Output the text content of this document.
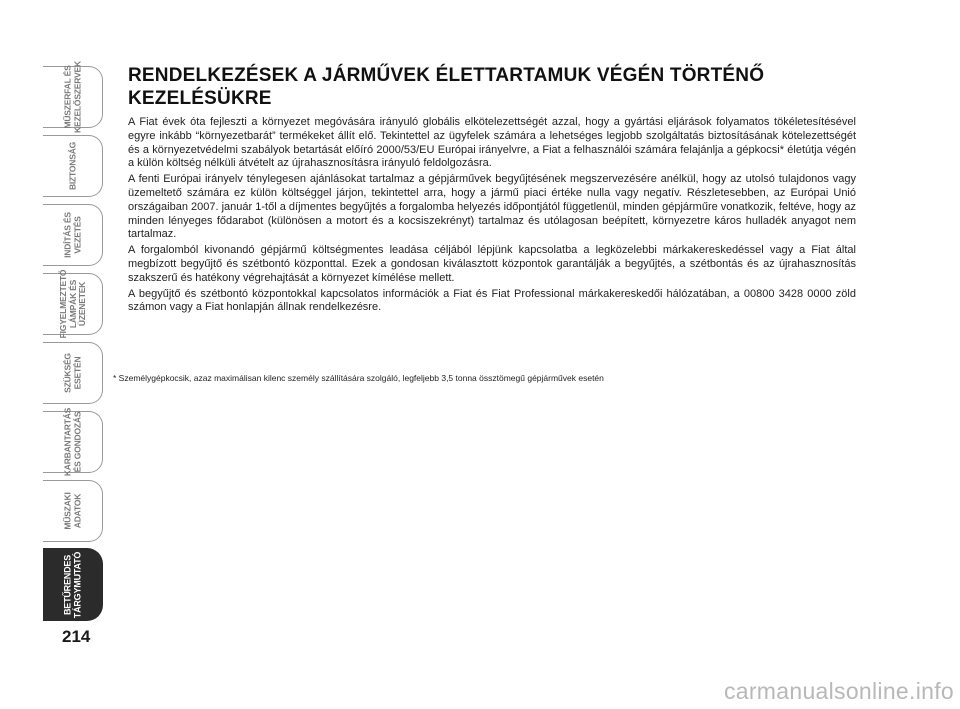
MŰSZERFAL ÉS
KEZELŐSZERVEK
BIZTONSÁG
INDÍTÁS ÉS
VEZETÉS
FIGYELMEZTETŐ
LÁMPÁK ÉS
ÜZENETEK
SZÜKSÉG
ESETÉN
KARBANTARTÁS
ÉS GONDOZÁS
MŰSZAKI
ADATOK
BETŰRENDES
TÁRGYMUTATÓ
214
RENDELKEZÉSEK A JÁRMŰVEK ÉLETTARTAMUK VÉGÉN TÖRTÉNŐ KEZELÉSÜKRE

A Fiat évek óta fejleszti a környezet megóvására irányuló globális elkötelezettségét azzal, hogy a gyártási eljárások folyamatos tökéletesítésével egyre inkább “környezetbarát” termékeket állít elő. Tekintettel az ügyfelek számára a lehetséges legjobb szolgáltatás biztosításának kötelezettségét és a környezetvédelmi szabályok betartását előíró 2000/53/EU Európai irányelvre, a Fiat a felhasználói számára felajánlja a gépkocsi* életútja végén a külön költség nélküli átvételt az újrahasznosításra irányuló feldolgozásra.

A fenti Európai irányelv ténylegesen ajánlásokat tartalmaz a gépjárművek begyűjtésének megszervezésére anélkül, hogy az utolsó tulajdonos vagy üzemeltető számára ez külön költséggel járjon, tekintettel arra, hogy a jármű piaci értéke nulla vagy negatív. Részletesebben, az Európai Unió országaiban 2007. január 1-től a díjmentes begyűjtés a forgalomba helyezés időpontjától függetlenül, minden gépjárműre vonatkozik, feltéve, hogy az minden lényeges fődarabot (különösen a motort és a kocsiszekrényt) tartalmaz és utólagosan beépített, környezetre káros hulladék anyagot nem tartalmaz.

A forgalomból kivonandó gépjármű költségmentes leadása céljából lépjünk kapcsolatba a legközelebbi márkakereskedéssel vagy a Fiat által megbízott begyűjtő és szétbontó központtal. Ezek a gondosan kiválasztott központok garantálják a begyűjtés, a szétbontás és az újrahasznosítás szakszerű és hatékony végrehajtását a környezet kímélése mellett.

A begyűjtő és szétbontó központokkal kapcsolatos információk a Fiat és Fiat Professional márkakereskedői hálózatában, a 00800 3428 0000 zöld számon vagy a Fiat honlapján állnak rendelkezésre.

* Személygépkocsik, azaz maximálisan kilenc személy szállítására szolgáló, legfeljebb 3,5 tonna össztömegű gépjárművek esetén
carmanualsonline.info
